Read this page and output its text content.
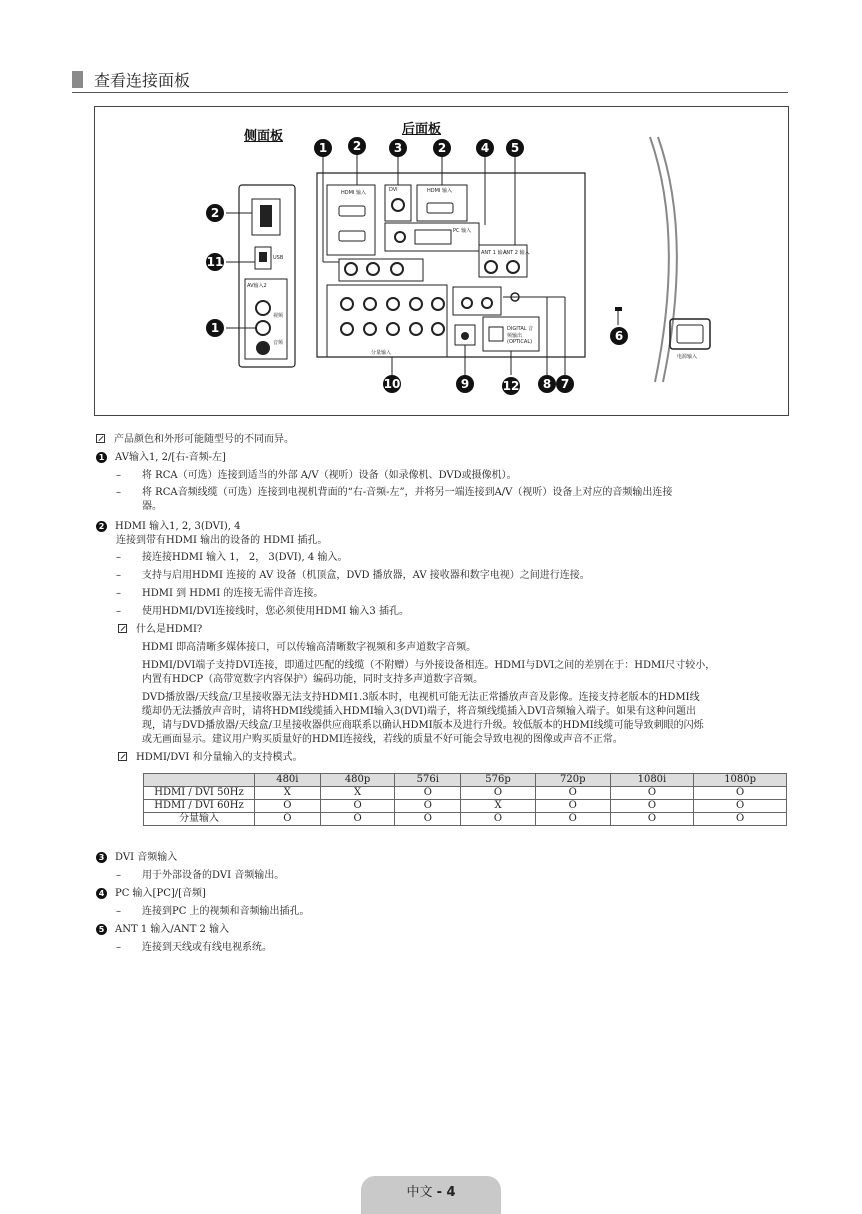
查看连接面板
侧面板	后面板
1	2	3	2	4	5
2
11
1
6
10	9	12	8 7
HDMI 输入	DVI	HDMI 输入
PC 输入
ANT 1 输入
ANT 2 输入
AV输入2
视频
音频
USB
DIGITAL 音频输出 (OPTICAL)
电源输入
分量输入
产品颜色和外形可能随型号的不同而异。
1 AV输入1, 2/[右-音频-左]
– 将 RCA（可选）连接到适当的外部 A/V（视听）设备（如录像机、DVD或摄像机）。
– 将 RCA音频线缆（可选）连接到电视机背面的“右-音频-左”，并将另一端连接到A/V（视听）设备上对应的音频输出连接
器。
2 HDMI 输入1, 2, 3(DVI), 4
连接到带有HDMI 输出的设备的 HDMI 插孔。
– 接连接HDMI 输入 1， 2， 3(DVI), 4 输入。
– 支持与启用HDMI 连接的 AV 设备（机顶盒，DVD 播放器，AV 接收器和数字电视）之间进行连接。
– HDMI 到 HDMI 的连接无需伴音连接。
– 使用HDMI/DVI连接线时，您必须使用HDMI 输入3 插孔。
什么是HDMI?
HDMI 即高清晰多媒体接口，可以传输高清晰数字视频和多声道数字音频。
HDMI/DVI端子支持DVI连接，即通过匹配的线缆（不附赠）与外接设备相连。HDMI与DVI之间的差别在于：HDMI尺寸较小，
内置有HDCP（高带宽数字内容保护）编码功能，同时支持多声道数字音频。
DVD播放器/天线盒/卫星接收器无法支持HDMI1.3版本时，电视机可能无法正常播放声音及影像。连接支持老版本的HDMI线
缆却仍无法播放声音时，请将HDMI线缆插入HDMI输入3(DVI)端子，将音频线缆插入DVI音频输入端子。如果有这种问题出
现，请与DVD播放器/天线盒/卫星接收器供应商联系以确认HDMI版本及进行升级。较低版本的HDMI线缆可能导致刺眼的闪烁
或无画面显示。建议用户购买质量好的HDMI连接线，若线的质量不好可能会导致电视的图像或声音不正常。
HDMI/DVI 和分量输入的支持模式。
	480i	480p	576i	576p	720p	1080i	1080p
HDMI / DVI 50Hz	X	X	O	O	O	O	O
HDMI / DVI 60Hz	O	O	O	X	O	O	O
分量输入	O	O	O	O	O	O	O
3 DVI 音频输入
– 用于外部设备的DVI 音频输出。
4 PC 输入[PC]/[音频]
– 连接到PC 上的视频和音频输出插孔。
5 ANT 1 输入/ANT 2 输入
– 连接到天线或有线电视系统。
中文 - 4
